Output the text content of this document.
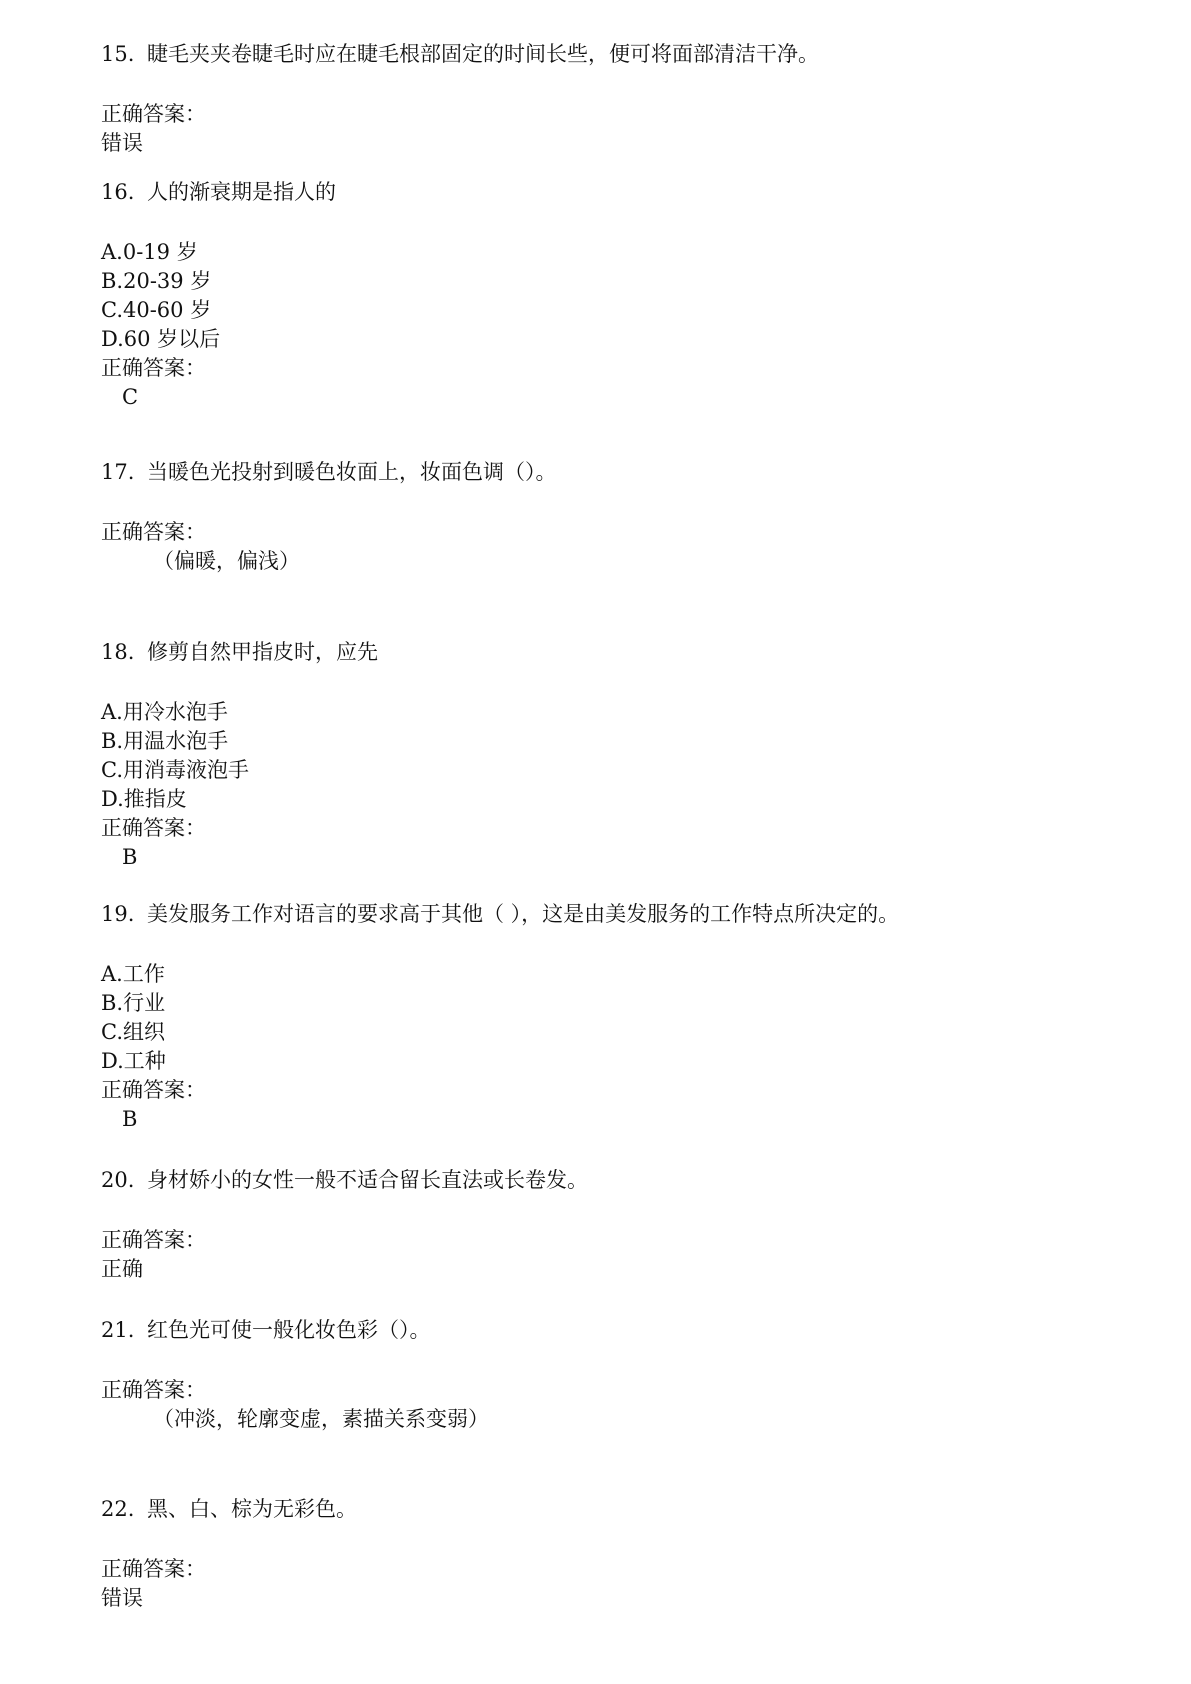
15. 睫毛夹夹卷睫毛时应在睫毛根部固定的时间长些，便可将面部清洁干净。
正确答案：
错误
16. 人的渐衰期是指人的
A.0-19 岁
B.20-39 岁
C.40-60 岁
D.60 岁以后
正确答案：
C
17. 当暖色光投射到暖色妆面上，妆面色调（）。
正确答案：
（偏暖，偏浅）
18. 修剪自然甲指皮时，应先
A.用冷水泡手
B.用温水泡手
C.用消毒液泡手
D.推指皮
正确答案：
B
19. 美发服务工作对语言的要求高于其他（ ），这是由美发服务的工作特点所决定的。
A.工作
B.行业
C.组织
D.工种
正确答案：
B
20. 身材娇小的女性一般不适合留长直法或长卷发。
正确答案：
正确
21. 红色光可使一般化妆色彩（）。
正确答案：
（冲淡，轮廓变虚，素描关系变弱）
22. 黑、白、棕为无彩色。
正确答案：
错误
